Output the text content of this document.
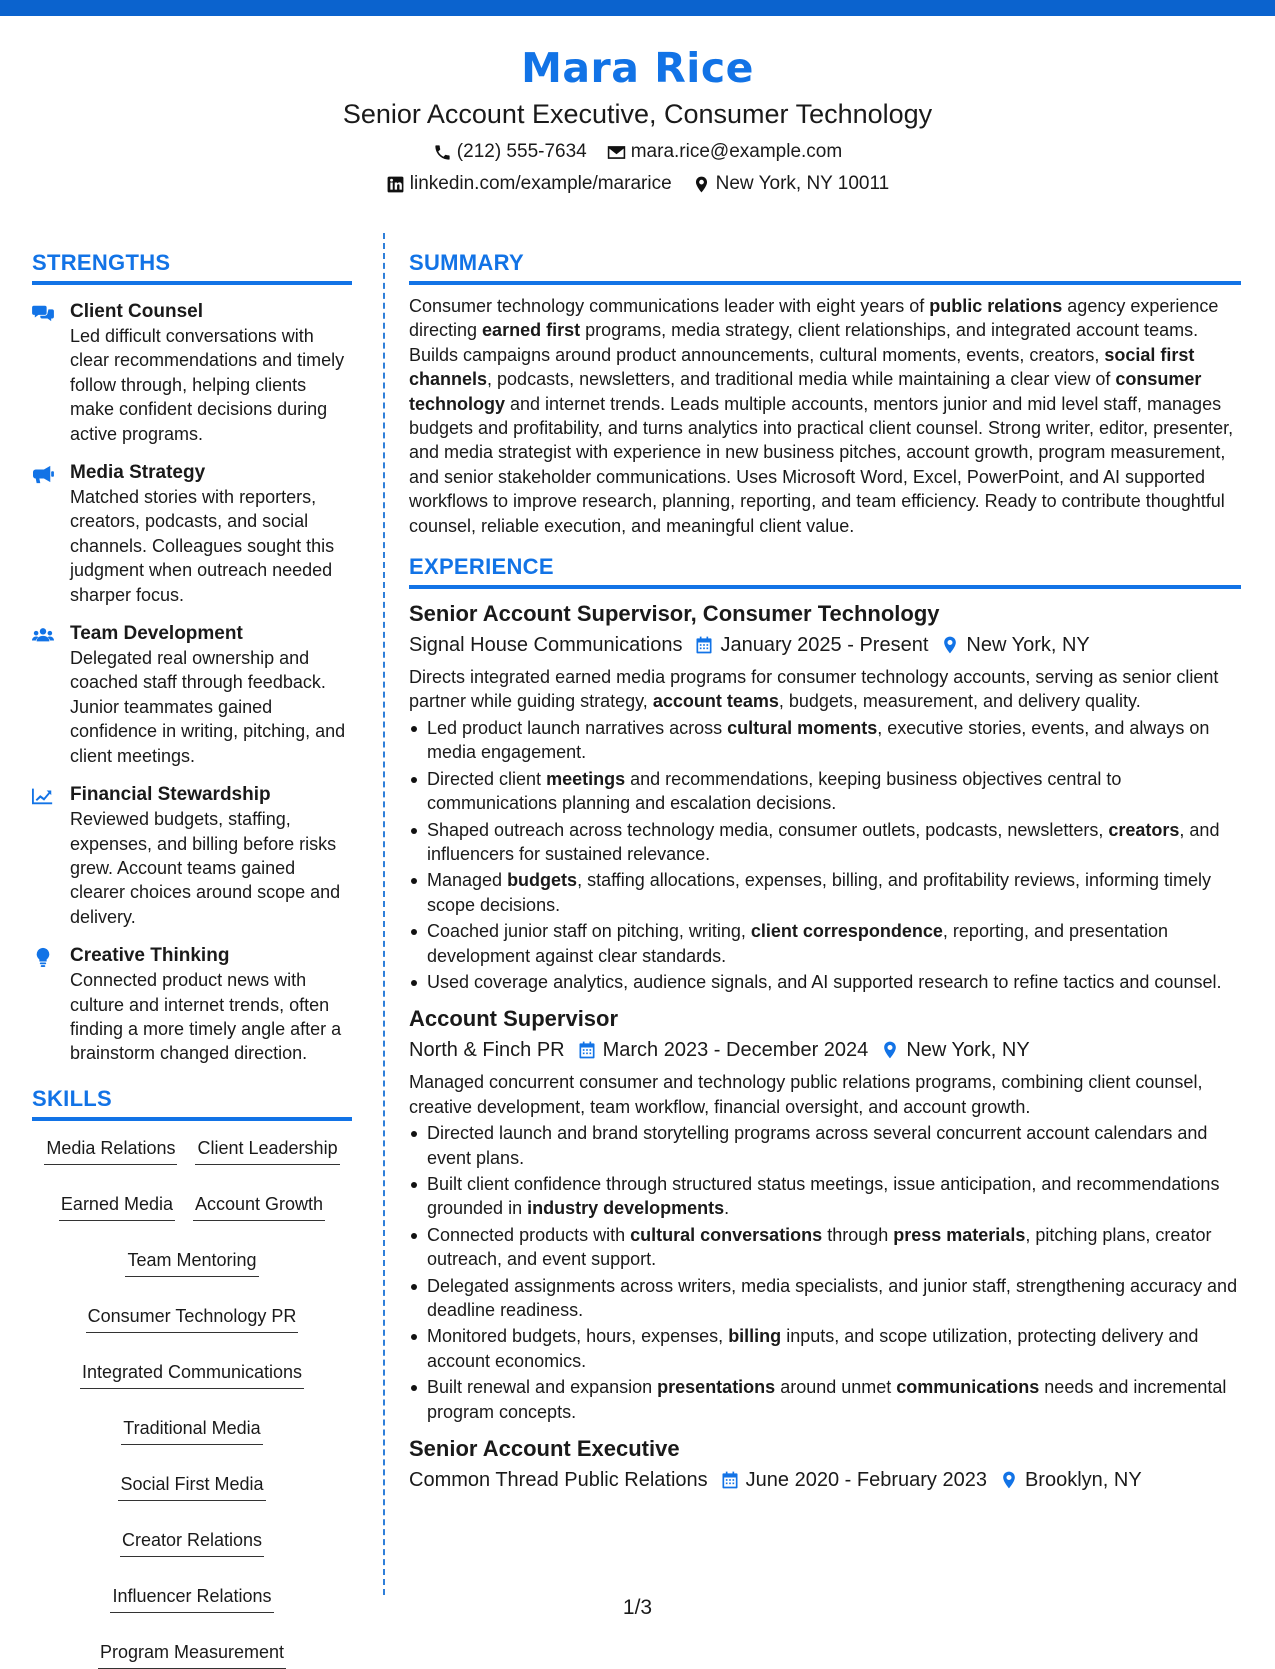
Mara Rice
Senior Account Executive, Consumer Technology
(212) 555-7634 mara.rice@example.com
linkedin.com/example/mararice New York, NY 10011
STRENGTHS
Client Counsel
Led difficult conversations with clear recommendations and timely follow through, helping clients make confident decisions during active programs.
Media Strategy
Matched stories with reporters, creators, podcasts, and social channels. Colleagues sought this judgment when outreach needed sharper focus.
Team Development
Delegated real ownership and coached staff through feedback. Junior teammates gained confidence in writing, pitching, and client meetings.
Financial Stewardship
Reviewed budgets, staffing, expenses, and billing before risks grew. Account teams gained clearer choices around scope and delivery.
Creative Thinking
Connected product news with culture and internet trends, often finding a more timely angle after a brainstorm changed direction.
SKILLS
Media Relations Client Leadership
Earned Media Account Growth
Team Mentoring
Consumer Technology PR
Integrated Communications
Traditional Media
Social First Media
Creator Relations
Influencer Relations
Program Measurement
SUMMARY
Consumer technology communications leader with eight years of public relations agency experience directing earned first programs, media strategy, client relationships, and integrated account teams. Builds campaigns around product announcements, cultural moments, events, creators, social first channels, podcasts, newsletters, and traditional media while maintaining a clear view of consumer technology and internet trends. Leads multiple accounts, mentors junior and mid level staff, manages budgets and profitability, and turns analytics into practical client counsel. Strong writer, editor, presenter, and media strategist with experience in new business pitches, account growth, program measurement, and senior stakeholder communications. Uses Microsoft Word, Excel, PowerPoint, and AI supported workflows to improve research, planning, reporting, and team efficiency. Ready to contribute thoughtful counsel, reliable execution, and meaningful client value.
EXPERIENCE
Senior Account Supervisor, Consumer Technology
Signal House Communications January 2025 - Present New York, NY
Directs integrated earned media programs for consumer technology accounts, serving as senior client partner while guiding strategy, account teams, budgets, measurement, and delivery quality.
Led product launch narratives across cultural moments, executive stories, events, and always on media engagement.
Directed client meetings and recommendations, keeping business objectives central to communications planning and escalation decisions.
Shaped outreach across technology media, consumer outlets, podcasts, newsletters, creators, and influencers for sustained relevance.
Managed budgets, staffing allocations, expenses, billing, and profitability reviews, informing timely scope decisions.
Coached junior staff on pitching, writing, client correspondence, reporting, and presentation development against clear standards.
Used coverage analytics, audience signals, and AI supported research to refine tactics and counsel.
Account Supervisor
North & Finch PR March 2023 - December 2024 New York, NY
Managed concurrent consumer and technology public relations programs, combining client counsel, creative development, team workflow, financial oversight, and account growth.
Directed launch and brand storytelling programs across several concurrent account calendars and event plans.
Built client confidence through structured status meetings, issue anticipation, and recommendations grounded in industry developments.
Connected products with cultural conversations through press materials, pitching plans, creator outreach, and event support.
Delegated assignments across writers, media specialists, and junior staff, strengthening accuracy and deadline readiness.
Monitored budgets, hours, expenses, billing inputs, and scope utilization, protecting delivery and account economics.
Built renewal and expansion presentations around unmet communications needs and incremental program concepts.
Senior Account Executive
Common Thread Public Relations June 2020 - February 2023 Brooklyn, NY
1/3
